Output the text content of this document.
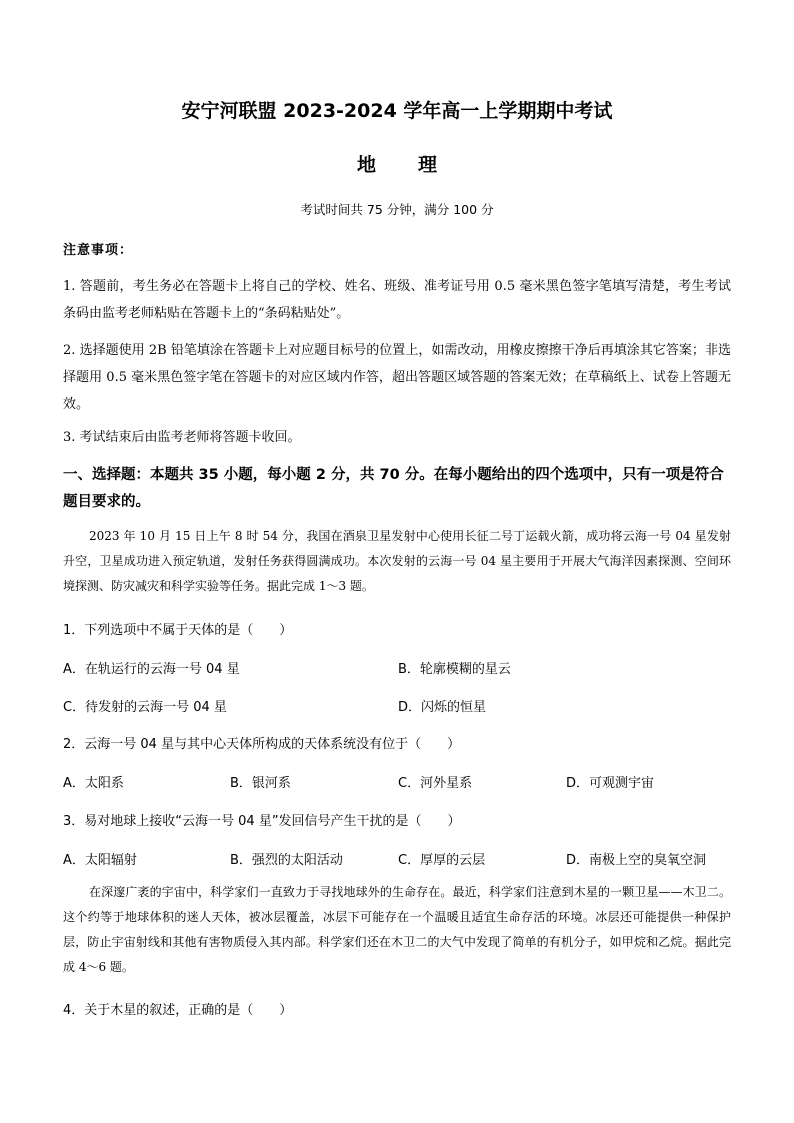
安宁河联盟 2023-2024 学年高一上学期期中考试
地 理
考试时间共 75 分钟，满分 100 分
注意事项：
1. 答题前，考生务必在答题卡上将自己的学校、姓名、班级、准考证号用 0.5 毫米黑色签字笔填写清楚，考生考试条码由监考老师粘贴在答题卡上的“条码粘贴处”。
2. 选择题使用 2B 铅笔填涂在答题卡上对应题目标号的位置上，如需改动，用橡皮擦擦干净后再填涂其它答案；非选择题用 0.5 毫米黑色签字笔在答题卡的对应区域内作答，超出答题区域答题的答案无效；在草稿纸上、试卷上答题无效。
3. 考试结束后由监考老师将答题卡收回。
一、选择题：本题共 35 小题，每小题 2 分，共 70 分。在每小题给出的四个选项中，只有一项是符合题目要求的。
2023 年 10 月 15 日上午 8 时 54 分，我国在酒泉卫星发射中心使用长征二号丁运载火箭，成功将云海一号 04 星发射升空，卫星成功进入预定轨道，发射任务获得圆满成功。本次发射的云海一号 04 星主要用于开展大气海洋因素探测、空间环境探测、防灾减灾和科学实验等任务。据此完成 1～3 题。
1．下列选项中不属于天体的是（　　）
A．在轨运行的云海一号 04 星	B．轮廓模糊的星云
C．待发射的云海一号 04 星	D．闪烁的恒星
2．云海一号 04 星与其中心天体所构成的天体系统没有位于（　　）
A．太阳系	B．银河系	C．河外星系	D．可观测宇宙
3．易对地球上接收“云海一号 04 星”发回信号产生干扰的是（　　）
A．太阳辐射	B．强烈的太阳活动	C．厚厚的云层	D．南极上空的臭氧空洞
在深邃广袤的宇宙中，科学家们一直致力于寻找地球外的生命存在。最近，科学家们注意到木星的一颗卫星——木卫二。这个约等于地球体积的迷人天体，被冰层覆盖，冰层下可能存在一个温暖且适宜生命存活的环境。冰层还可能提供一种保护层，防止宇宙射线和其他有害物质侵入其内部。科学家们还在木卫二的大气中发现了简单的有机分子，如甲烷和乙烷。据此完成 4～6 题。
4．关于木星的叙述，正确的是（　　）
